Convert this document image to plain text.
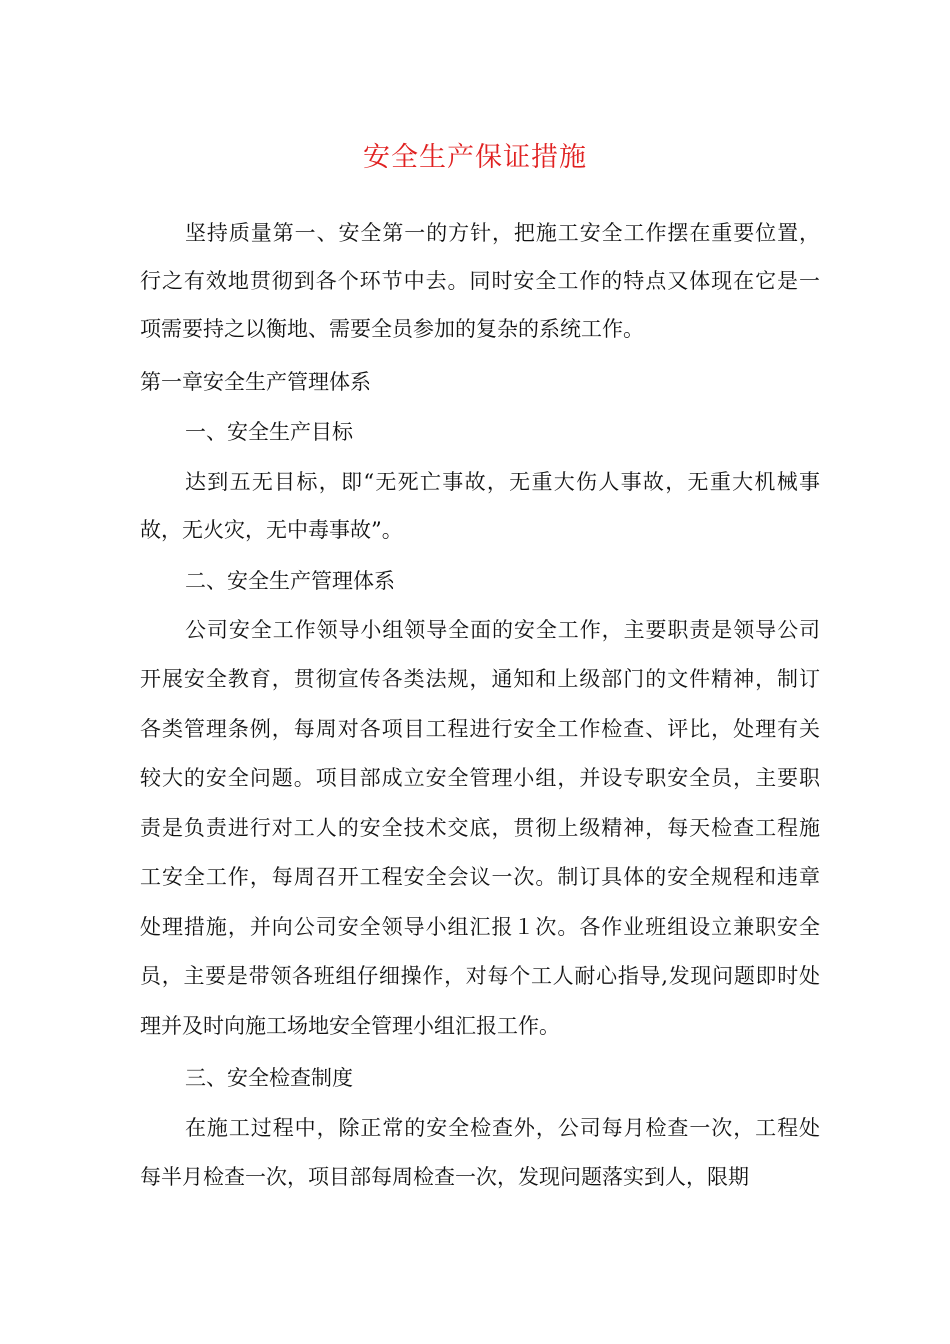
安全生产保证措施
坚持质量第一、安全第一的方针，把施工安全工作摆在重要位置，
行之有效地贯彻到各个环节中去。同时安全工作的特点又体现在它是一
项需要持之以衡地、需要全员参加的复杂的系统工作。
第一章安全生产管理体系
一、安全生产目标
达到五无目标，即“无死亡事故，无重大伤人事故，无重大机械事
故，无火灾，无中毒事故”。
二、安全生产管理体系
公司安全工作领导小组领导全面的安全工作，主要职责是领导公司
开展安全教育，贯彻宣传各类法规，通知和上级部门的文件精神，制订
各类管理条例，每周对各项目工程进行安全工作检查、评比，处理有关
较大的安全问题。项目部成立安全管理小组，并设专职安全员，主要职
责是负责进行对工人的安全技术交底，贯彻上级精神，每天检查工程施
工安全工作，每周召开工程安全会议一次。制订具体的安全规程和违章
处理措施，并向公司安全领导小组汇报１次。各作业班组设立兼职安全
员，主要是带领各班组仔细操作，对每个工人耐心指导,发现问题即时处
理并及时向施工场地安全管理小组汇报工作。
三、安全检查制度
在施工过程中，除正常的安全检查外，公司每月检查一次，工程处
每半月检查一次，项目部每周检查一次，发现问题落实到人，限期
